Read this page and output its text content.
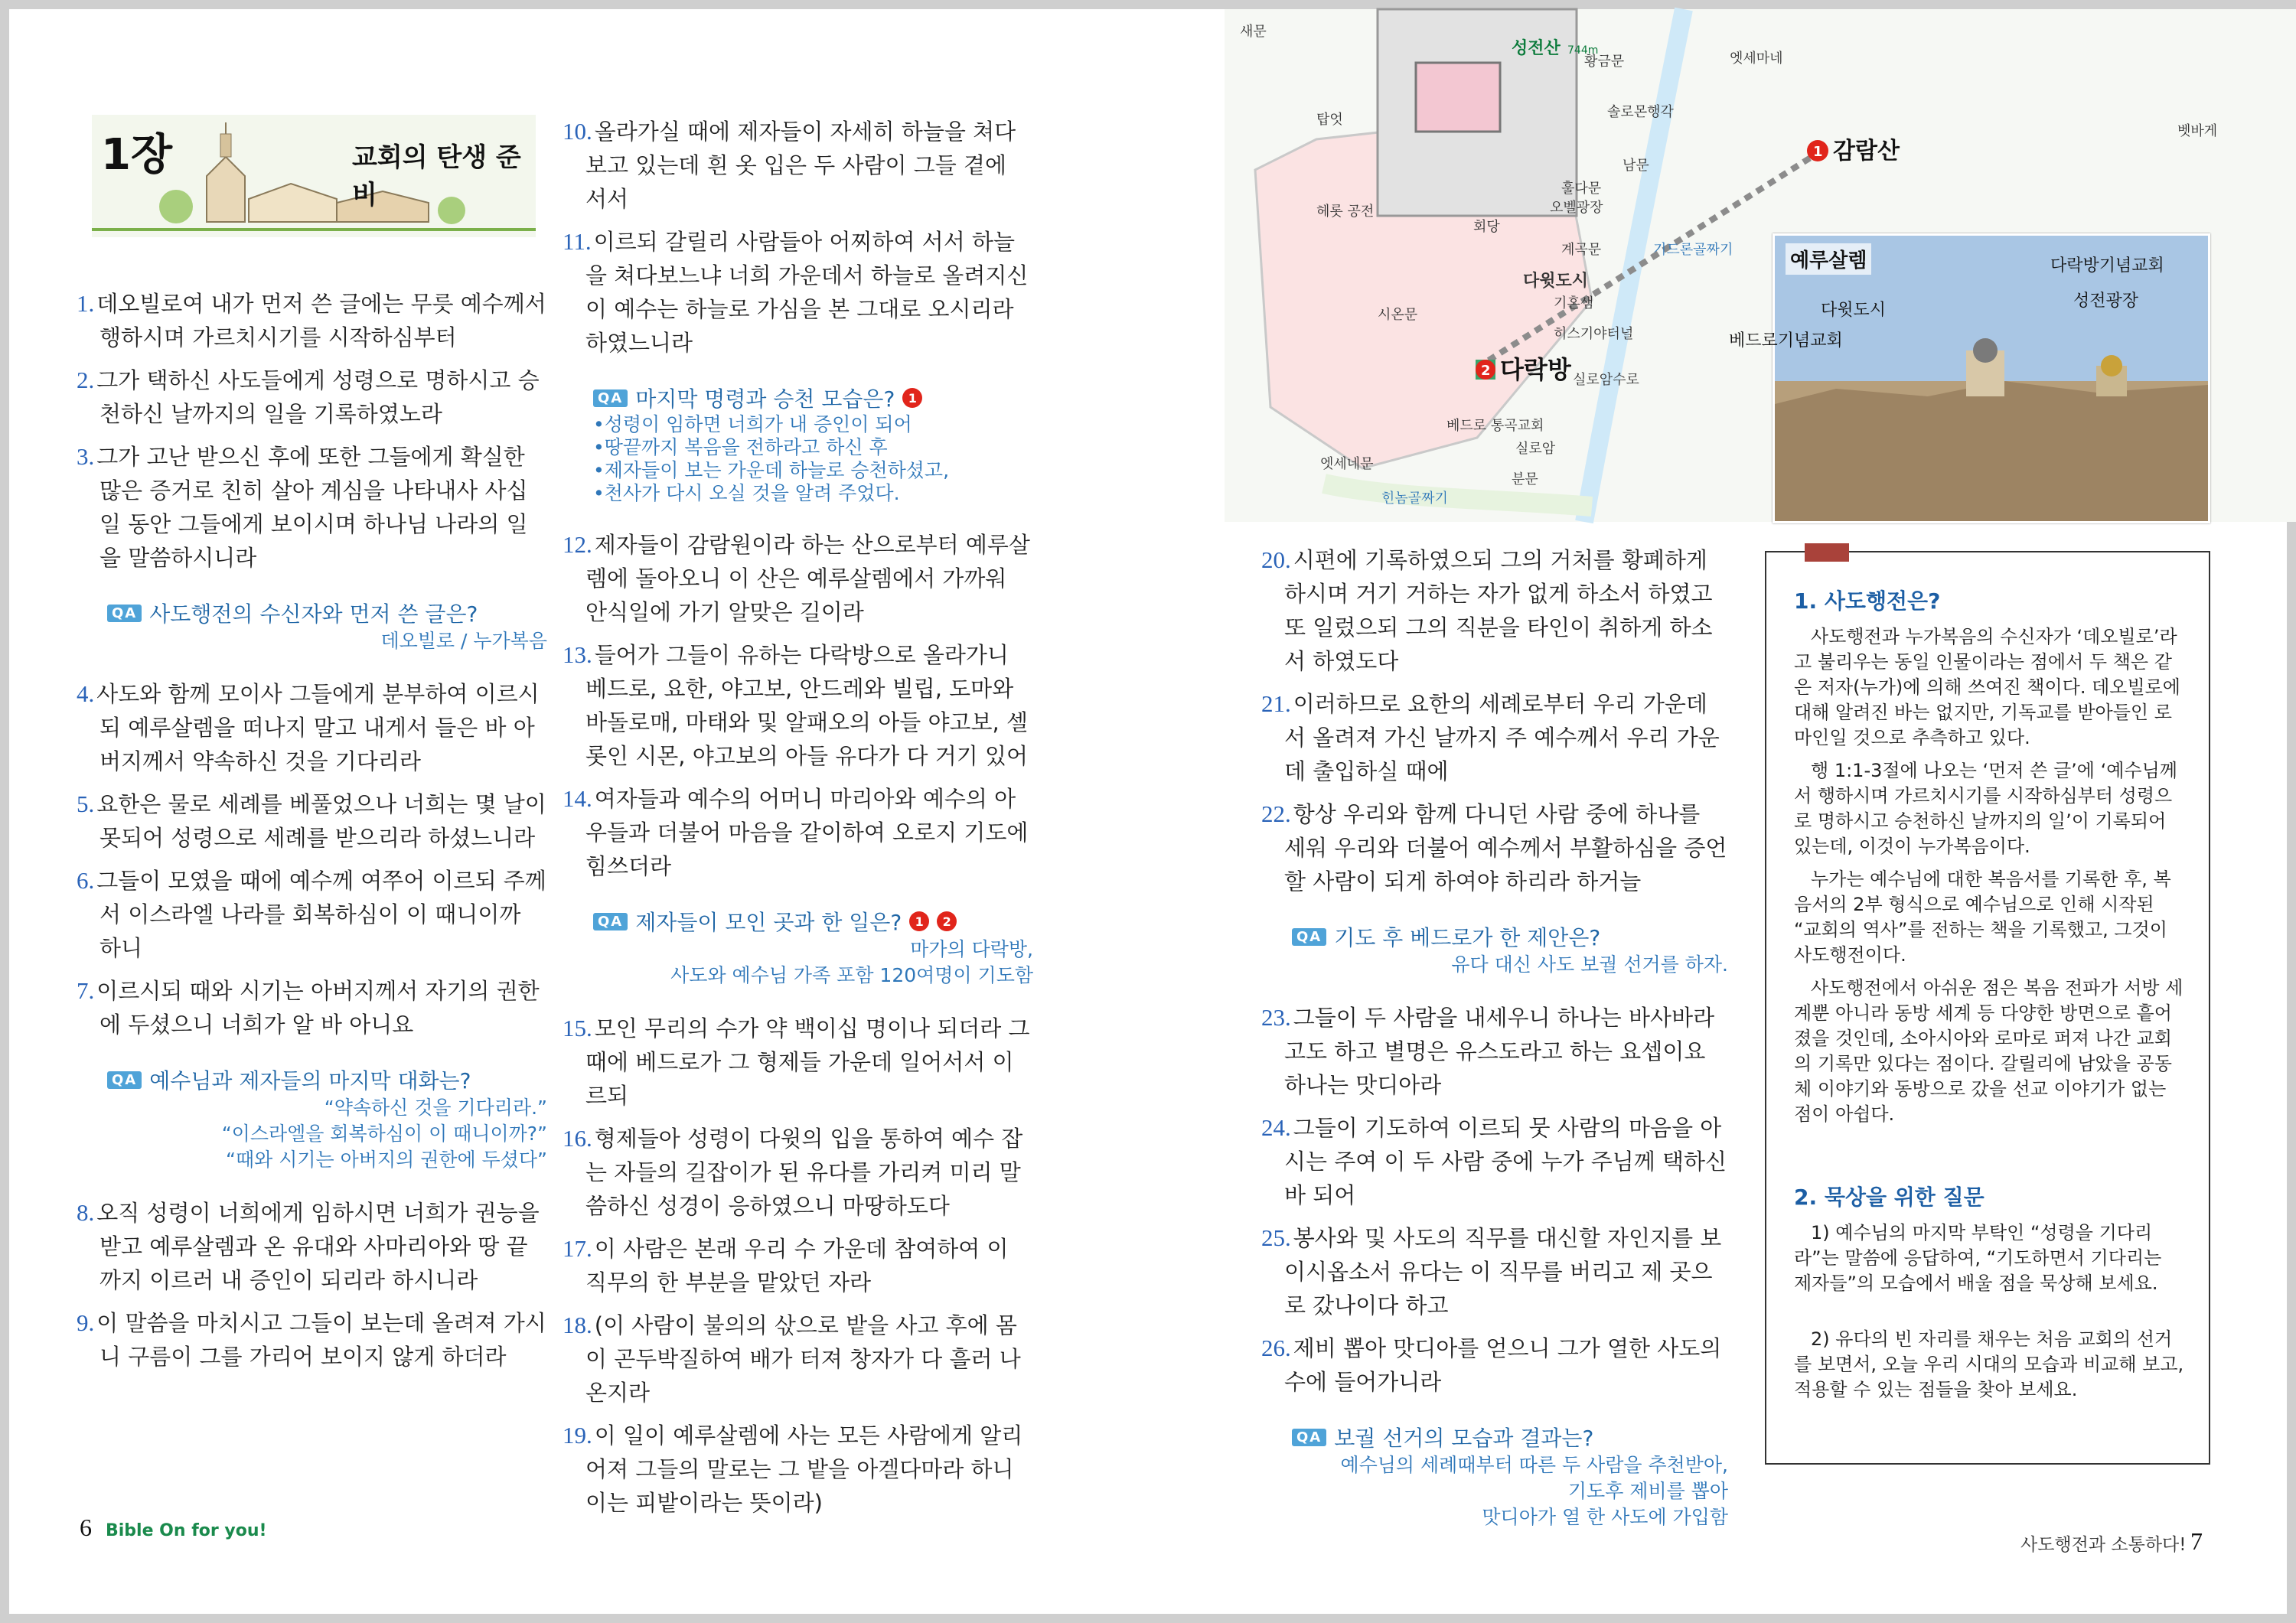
1장	교회의 탄생 준비
1. 데오빌로여 내가 먼저 쓴 글에는 무릇 예수께서 행하시며 가르치시기를 시작하심부터
2. 그가 택하신 사도들에게 성령으로 명하시고 승천하신 날까지의 일을 기록하였노라
3. 그가 고난 받으신 후에 또한 그들에게 확실한 많은 증거로 친히 살아 계심을 나타내사 사십 일 동안 그들에게 보이시며 하나님 나라의 일을 말씀하시니라
QA 사도행전의 수신자와 먼저 쓴 글은?
데오빌로 / 누가복음
4. 사도와 함께 모이사 그들에게 분부하여 이르시되 예루살렘을 떠나지 말고 내게서 들은 바 아버지께서 약속하신 것을 기다리라
5. 요한은 물로 세례를 베풀었으나 너희는 몇 날이 못되어 성령으로 세례를 받으리라 하셨느니라
6. 그들이 모였을 때에 예수께 여쭈어 이르되 주께서 이스라엘 나라를 회복하심이 이 때니이까 하니
7. 이르시되 때와 시기는 아버지께서 자기의 권한에 두셨으니 너희가 알 바 아니요
QA 예수님과 제자들의 마지막 대화는?
“약속하신 것을 기다리라.”
“이스라엘을 회복하심이 이 때니이까?”
“때와 시기는 아버지의 권한에 두셨다”
8. 오직 성령이 너희에게 임하시면 너희가 권능을 받고 예루살렘과 온 유대와 사마리아와 땅 끝까지 이르러 내 증인이 되리라 하시니라
9. 이 말씀을 마치시고 그들이 보는데 올려져 가시니 구름이 그를 가리어 보이지 않게 하더라
10. 올라가실 때에 제자들이 자세히 하늘을 쳐다보고 있는데 흰 옷 입은 두 사람이 그들 곁에 서서
11. 이르되 갈릴리 사람들아 어찌하여 서서 하늘을 쳐다보느냐 너희 가운데서 하늘로 올려지신 이 예수는 하늘로 가심을 본 그대로 오시리라 하였느니라
QA 마지막 명령과 승천 모습은?	1
•성령이 임하면 너희가 내 증인이 되어
•땅끝까지 복음을 전하라고 하신 후
•제자들이 보는 가운데 하늘로 승천하셨고,
•천사가 다시 오실 것을 알려 주었다.
12. 제자들이 감람원이라 하는 산으로부터 예루살렘에 돌아오니 이 산은 예루살렘에서 가까워 안식일에 가기 알맞은 길이라
13. 들어가 그들이 유하는 다락방으로 올라가니 베드로, 요한, 야고보, 안드레와 빌립, 도마와 바돌로매, 마태와 및 알패오의 아들 야고보, 셀롯인 시몬, 야고보의 아들 유다가 다 거기 있어
14. 여자들과 예수의 어머니 마리아와 예수의 아우들과 더불어 마음을 같이하여 오로지 기도에 힘쓰더라
QA 제자들이 모인 곳과 한 일은?	1	2
마가의 다락방,
사도와 예수님 가족 포함 120여명이 기도함
15. 모인 무리의 수가 약 백이십 명이나 되더라 그 때에 베드로가 그 형제들 가운데 일어서서 이르되
16. 형제들아 성령이 다윗의 입을 통하여 예수 잡는 자들의 길잡이가 된 유다를 가리켜 미리 말씀하신 성경이 응하였으니 마땅하도다
17. 이 사람은 본래 우리 수 가운데 참여하여 이 직무의 한 부분을 맡았던 자라
18. (이 사람이 불의의 삯으로 밭을 사고 후에 몸이 곤두박질하여 배가 터져 창자가 다 흘러 나온지라
19. 이 일이 예루살렘에 사는 모든 사람에게 알리어져 그들의 말로는 그 밭을 아겔다마라 하니 이는 피밭이라는 뜻이라)
새문
탑엇
헤롯 공전
회당
다윗도시
시온문
성전산 744m
황금문
솔로몬행각
남문
훌다문
오벨광장
계곡문
기혼샘
히스기야터널
실로암수로
실로암
분문
베드로 통곡교회
엣세네문
힌놈골짜기
기드론골짜기
엣세마네
벳바게
1 감람산
2 다락방
예루살렘	다락방기념교회
성전광장
다윗도시
베드로기념교회
20. 시편에 기록하였으되 그의 거처를 황폐하게 하시며 거기 거하는 자가 없게 하소서 하였고 또 일렀으되 그의 직분을 타인이 취하게 하소서 하였도다
21. 이러하므로 요한의 세례로부터 우리 가운데서 올려져 가신 날까지 주 예수께서 우리 가운데 출입하실 때에
22. 항상 우리와 함께 다니던 사람 중에 하나를 세워 우리와 더불어 예수께서 부활하심을 증언할 사람이 되게 하여야 하리라 하거늘
QA 기도 후 베드로가 한 제안은?
유다 대신 사도 보궐 선거를 하자.
23. 그들이 두 사람을 내세우니 하나는 바사바라고도 하고 별명은 유스도라고 하는 요셉이요 하나는 맛디아라
24. 그들이 기도하여 이르되 뭇 사람의 마음을 아시는 주여 이 두 사람 중에 누가 주님께 택하신 바 되어
25. 봉사와 및 사도의 직무를 대신할 자인지를 보이시옵소서 유다는 이 직무를 버리고 제 곳으로 갔나이다 하고
26. 제비 뽑아 맛디아를 얻으니 그가 열한 사도의 수에 들어가니라
QA 보궐 선거의 모습과 결과는?
예수님의 세례때부터 따른 두 사람을 추천받아,
기도후 제비를 뽑아
맛디아가 열 한 사도에 가입함
1. 사도행전은?
사도행전과 누가복음의 수신자가 ‘데오빌로’라고 불리우는 동일 인물이라는 점에서 두 책은 같은 저자(누가)에 의해 쓰여진 책이다. 데오빌로에 대해 알려진 바는 없지만, 기독교를 받아들인 로마인일 것으로 추측하고 있다.
행 1:1-3절에 나오는 ‘먼저 쓴 글’에 ‘예수님께서 행하시며 가르치시기를 시작하심부터 성령으로 명하시고 승천하신 날까지의 일’이 기록되어 있는데, 이것이 누가복음이다.
누가는 예수님에 대한 복음서를 기록한 후, 복음서의 2부 형식으로 예수님으로 인해 시작된 “교회의 역사”를 전하는 책을 기록했고, 그것이 사도행전이다.
사도행전에서 아쉬운 점은 복음 전파가 서방 세계뿐 아니라 동방 세계 등 다양한 방면으로 흩어졌을 것인데, 소아시아와 로마로 퍼져 나간 교회의 기록만 있다는 점이다. 갈릴리에 남았을 공동체 이야기와 동방으로 갔을 선교 이야기가 없는 점이 아쉽다.
2. 묵상을 위한 질문
1) 예수님의 마지막 부탁인 “성령을 기다리라”는 말씀에 응답하여, “기도하면서 기다리는 제자들”의 모습에서 배울 점을 묵상해 보세요.
2) 유다의 빈 자리를 채우는 처음 교회의 선거를 보면서, 오늘 우리 시대의 모습과 비교해 보고, 적용할 수 있는 점들을 찾아 보세요.
6 Bible On for you!
사도행전과 소통하다! 7
